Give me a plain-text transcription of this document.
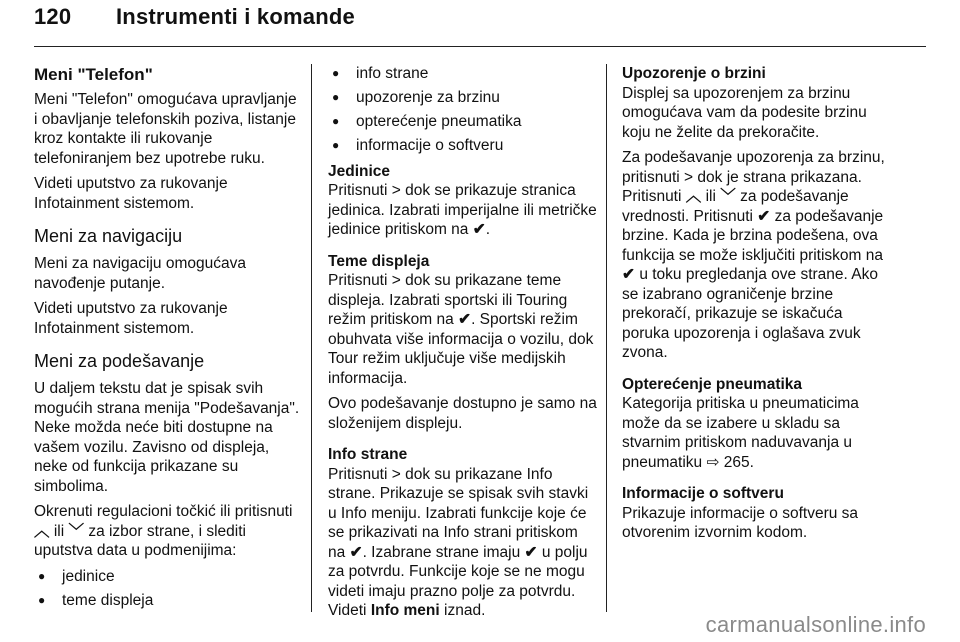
120 Instrumenti i komande
Meni "Telefon"

Meni "Telefon" omogućava upravljanje i obavljanje telefonskih poziva, listanje kroz kontakte ili rukovanje telefoniranjem bez upotrebe ruku.

Videti uputstvo za rukovanje Infotainment sistemom.

Meni za navigaciju

Meni za navigaciju omogućava navođenje putanje.

Videti uputstvo za rukovanje Infotainment sistemom.

Meni za podešavanje

U daljem tekstu dat je spisak svih mogućih strana menija "Podešavanja". Neke možda neće biti dostupne na vašem vozilu. Zavisno od displeja, neke od funkcija prikazane su simbolima.

Okrenuti regulacioni točkić ili pritisnuti ︿ ili ﹀ za izbor strane, i slediti uputstva data u podmenijima:

● jedinice
● teme displeja
● info strane
● upozorenje za brzinu
● opterećenje pneumatika
● informacije o softveru
Jedinice

Pritisnuti > dok se prikazuje stranica jedinica. Izabrati imperijalne ili metričke jedinice pritiskom na ✔.

Teme displeja

Pritisnuti > dok su prikazane teme displeja. Izabrati sportski ili Touring režim pritiskom na ✔. Sportski režim obuhvata više informacija o vozilu, dok Tour režim uključuje više medijskih informacija.

Ovo podešavanje dostupno je samo na složenijem displeju.

Info strane

Pritisnuti > dok su prikazane Info strane. Prikazuje se spisak svih stavki u Info meniju. Izabrati funkcije koje će se prikazivati na Info strani pritiskom na ✔. Izabrane strane imaju ✔ u polju za potvrdu. Funkcije koje se ne mogu videti imaju prazno polje za potvrdu. Videti Info meni iznad.

Upozorenje o brzini

Displej sa upozorenjem za brzinu omogućava vam da podesite brzinu koju ne želite da prekoračite.

Za podešavanje upozorenja za brzinu, pritisnuti > dok je strana prikazana. Pritisnuti ︿ ili ﹀ za podešavanje vrednosti. Pritisnuti ✔ za podešavanje brzine. Kada je brzina podešena, ova funkcija se može isključiti pritiskom na ✔ u toku pregledanja ove strane. Ako se izabrano ograničenje brzine prekoračí, prikazuje se iskačuća poruka upozorenja i oglašava zvuk zvona.

Opterećenje pneumatika

Kategorija pritiska u pneumaticima može da se izabere u skladu sa stvarnim pritiskom naduvavanja u pneumatiku ⇨ 265.

Informacije o softveru

Prikazuje informacije o softveru sa otvorenim izvornim kodom.

carmanualsonline.info
